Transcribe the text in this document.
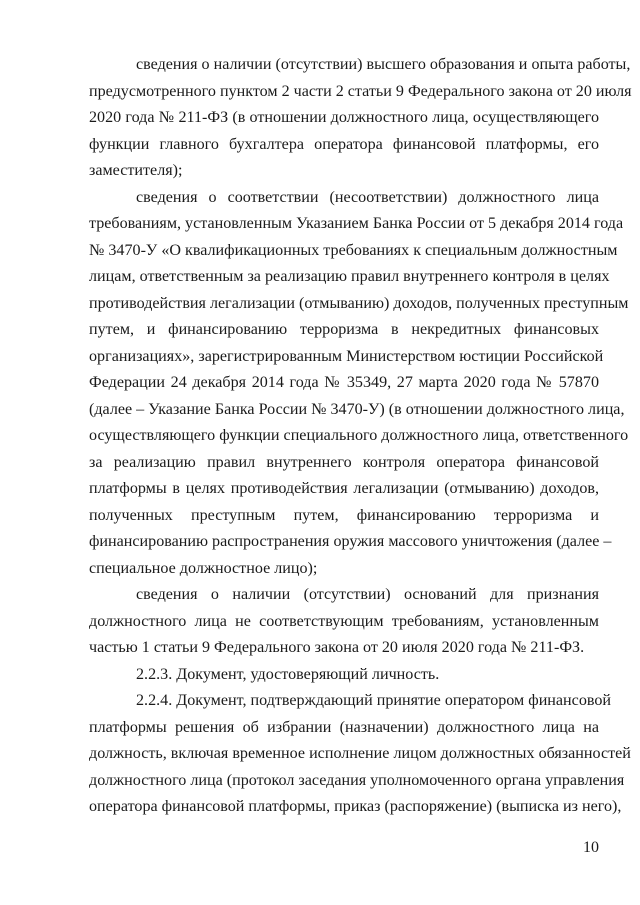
сведения о наличии (отсутствии) высшего образования и опыта работы,
предусмотренного пунктом 2 части 2 статьи 9 Федерального закона от 20 июля
2020 года № 211-ФЗ (в отношении должностного лица, осуществляющего
функции главного бухгалтера оператора финансовой платформы, его
заместителя);

сведения о соответствии (несоответствии) должностного лица
требованиям, установленным Указанием Банка России от 5 декабря 2014 года
№ 3470-У «О квалификационных требованиях к специальным должностным
лицам, ответственным за реализацию правил внутреннего контроля в целях
противодействия легализации (отмыванию) доходов, полученных преступным
путем, и финансированию терроризма в некредитных финансовых
организациях», зарегистрированным Министерством юстиции Российской
Федерации 24 декабря 2014 года № 35349, 27 марта 2020 года № 57870
(далее – Указание Банка России № 3470-У) (в отношении должностного лица,
осуществляющего функции специального должностного лица, ответственного
за реализацию правил внутреннего контроля оператора финансовой
платформы в целях противодействия легализации (отмыванию) доходов,
полученных преступным путем, финансированию терроризма и
финансированию распространения оружия массового уничтожения (далее –
специальное должностное лицо);

сведения о наличии (отсутствии) оснований для признания
должностного лица не соответствующим требованиям, установленным
частью 1 статьи 9 Федерального закона от 20 июля 2020 года № 211-ФЗ.

2.2.3. Документ, удостоверяющий личность.

2.2.4. Документ, подтверждающий принятие оператором финансовой
платформы решения об избрании (назначении) должностного лица на
должность, включая временное исполнение лицом должностных обязанностей
должностного лица (протокол заседания уполномоченного органа управления
оператора финансовой платформы, приказ (распоряжение) (выписка из него),

10
